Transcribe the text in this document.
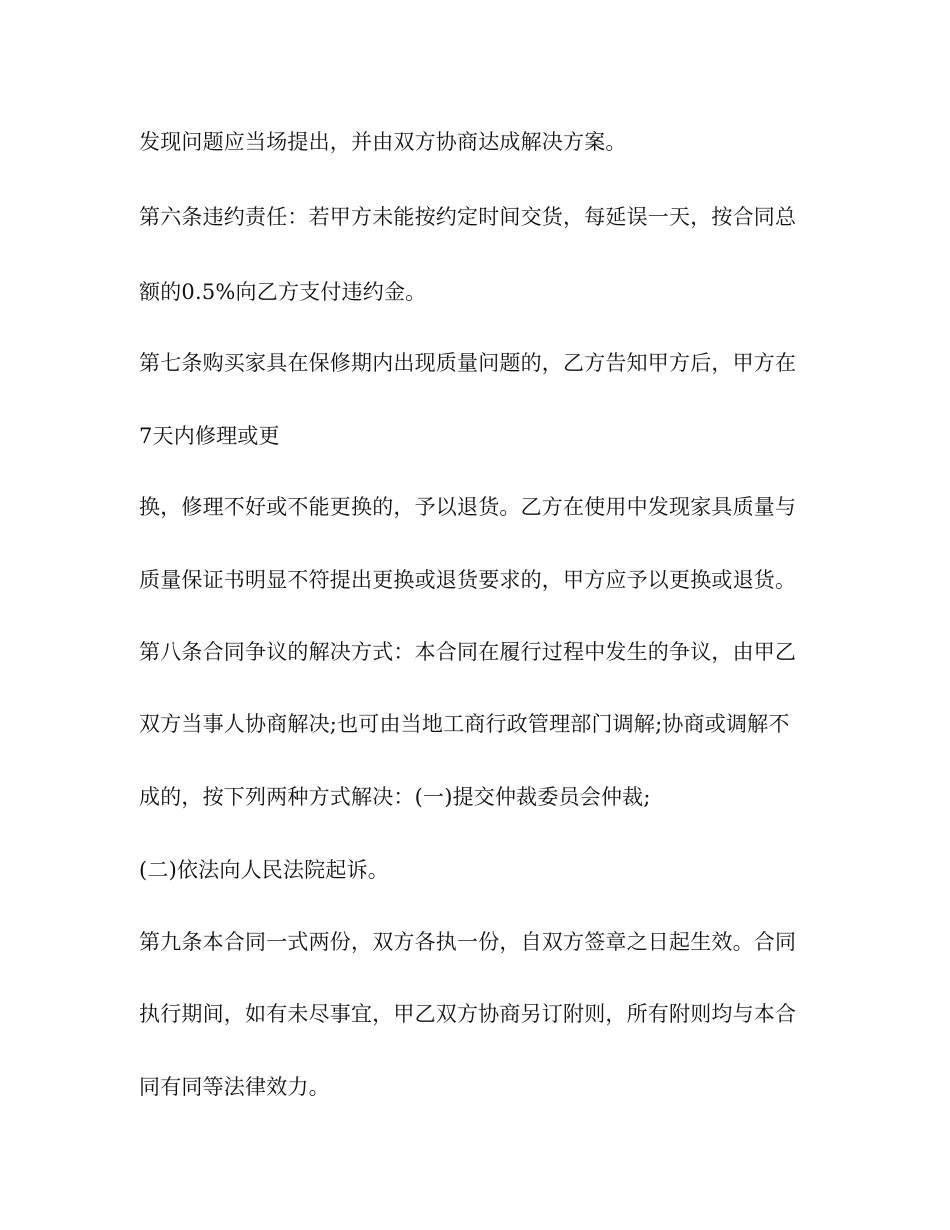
发现问题应当场提出，并由双方协商达成解决方案。

第六条违约责任：若甲方未能按约定时间交货，每延误一天，按合同总

额的0.5%向乙方支付违约金。

第七条购买家具在保修期内出现质量问题的，乙方告知甲方后，甲方在

7天内修理或更

换，修理不好或不能更换的，予以退货。乙方在使用中发现家具质量与

质量保证书明显不符提出更换或退货要求的，甲方应予以更换或退货。

第八条合同争议的解决方式：本合同在履行过程中发生的争议，由甲乙

双方当事人协商解决;也可由当地工商行政管理部门调解;协商或调解不

成的，按下列两种方式解决：(一)提交仲裁委员会仲裁;

(二)依法向人民法院起诉。

第九条本合同一式两份，双方各执一份，自双方签章之日起生效。合同

执行期间，如有未尽事宜，甲乙双方协商另订附则，所有附则均与本合

同有同等法律效力。
